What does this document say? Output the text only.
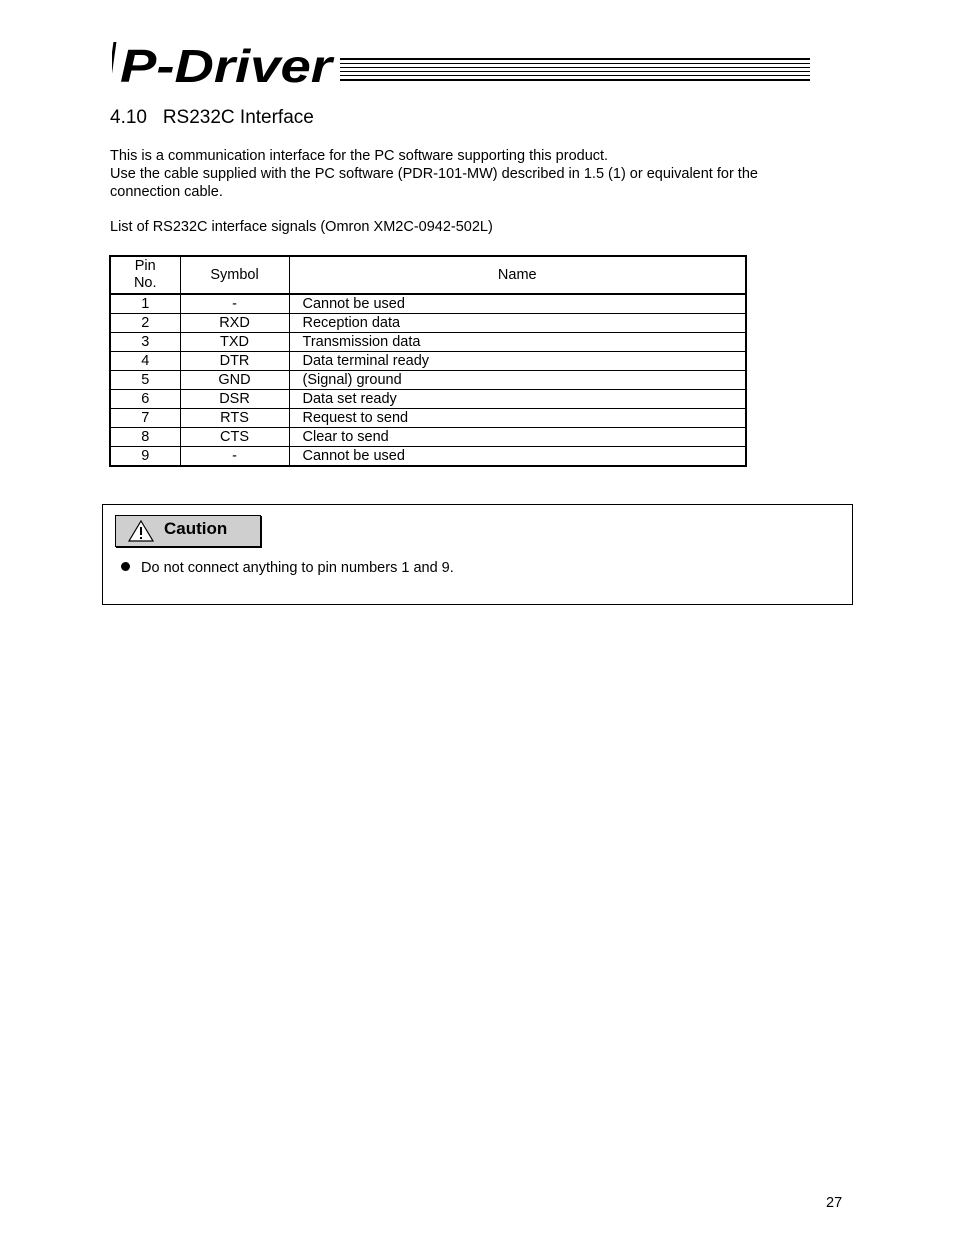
P-Driver
4.10   RS232C Interface
This is a communication interface for the PC software supporting this product.
Use the cable supplied with the PC software (PDR-101-MW) described in 1.5 (1) or equivalent for the connection cable.
List of RS232C interface signals (Omron XM2C-0942-502L)
Pin No.	Symbol	Name
1	-	Cannot be used
2	RXD	Reception data
3	TXD	Transmission data
4	DTR	Data terminal ready
5	GND	(Signal) ground
6	DSR	Data set ready
7	RTS	Request to send
8	CTS	Clear to send
9	-	Cannot be used
Caution
Do not connect anything to pin numbers 1 and 9.
27
